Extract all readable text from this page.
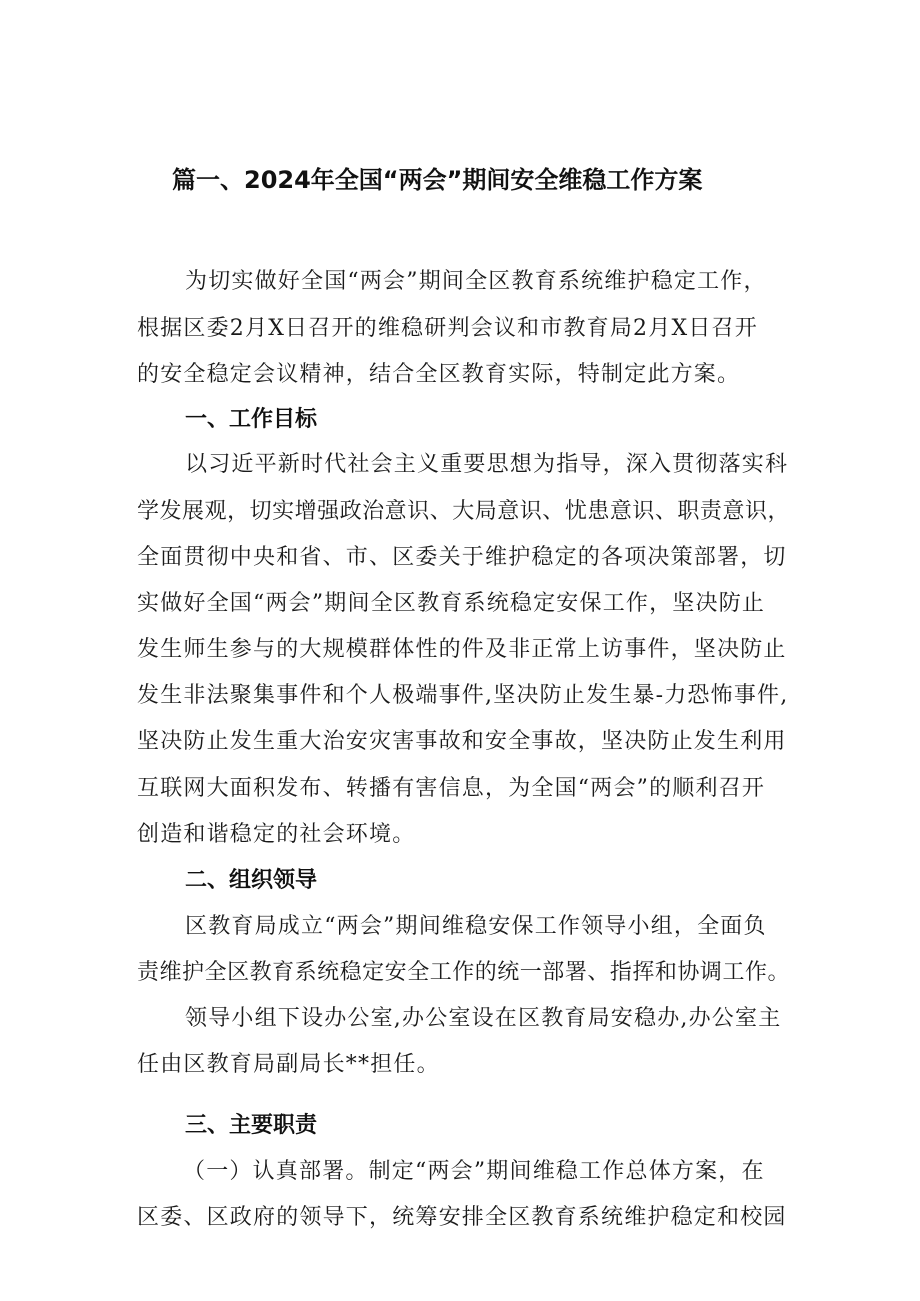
篇一、2024年全国“两会”期间安全维稳工作方案
为切实做好全国“两会”期间全区教育系统维护稳定工作，
根据区委2月X日召开的维稳研判会议和市教育局2月X日召开
的安全稳定会议精神，结合全区教育实际，特制定此方案。
一、工作目标
以习近平新时代社会主义重要思想为指导，深入贯彻落实科
学发展观，切实增强政治意识、大局意识、忧患意识、职责意识，
全面贯彻中央和省、市、区委关于维护稳定的各项决策部署，切
实做好全国“两会”期间全区教育系统稳定安保工作，坚决防止
发生师生参与的大规模群体性的件及非正常上访事件，坚决防止
发生非法聚集事件和个人极端事件,坚决防止发生暴-力恐怖事件,
坚决防止发生重大治安灾害事故和安全事故，坚决防止发生利用
互联网大面积发布、转播有害信息，为全国“两会”的顺利召开
创造和谐稳定的社会环境。
二、组织领导
区教育局成立“两会”期间维稳安保工作领导小组，全面负
责维护全区教育系统稳定安全工作的统一部署、指挥和协调工作。
领导小组下设办公室,办公室设在区教育局安稳办,办公室主
任由区教育局副局长**担任。
三、主要职责
（一）认真部署。制定“两会”期间维稳工作总体方案，在
区委、区政府的领导下，统筹安排全区教育系统维护稳定和校园
